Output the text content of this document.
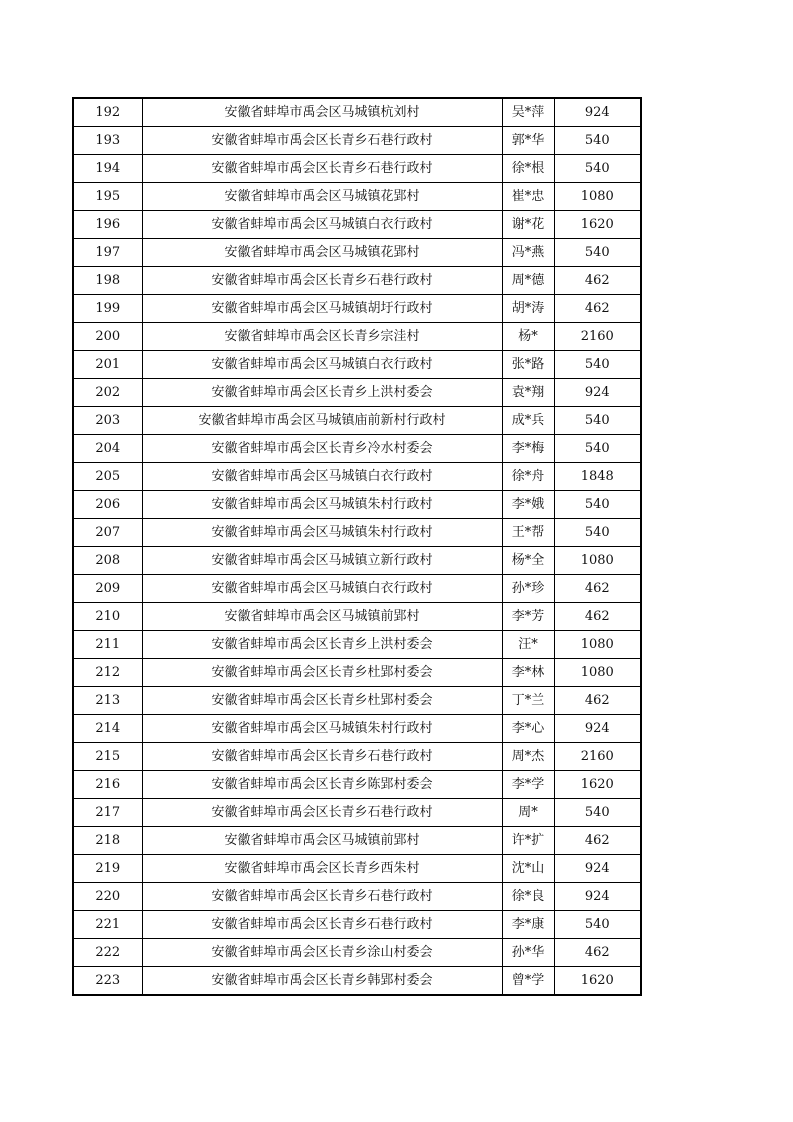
192	安徽省蚌埠市禹会区马城镇杭刘村	吴*萍	924
193	安徽省蚌埠市禹会区长青乡石巷行政村	郭*华	540
194	安徽省蚌埠市禹会区长青乡石巷行政村	徐*根	540
195	安徽省蚌埠市禹会区马城镇花郢村	崔*忠	1080
196	安徽省蚌埠市禹会区马城镇白衣行政村	谢*花	1620
197	安徽省蚌埠市禹会区马城镇花郢村	冯*燕	540
198	安徽省蚌埠市禹会区长青乡石巷行政村	周*德	462
199	安徽省蚌埠市禹会区马城镇胡圩行政村	胡*涛	462
200	安徽省蚌埠市禹会区长青乡宗洼村	杨*	2160
201	安徽省蚌埠市禹会区马城镇白衣行政村	张*路	540
202	安徽省蚌埠市禹会区长青乡上洪村委会	袁*翔	924
203	安徽省蚌埠市禹会区马城镇庙前新村行政村	成*兵	540
204	安徽省蚌埠市禹会区长青乡冷水村委会	李*梅	540
205	安徽省蚌埠市禹会区马城镇白衣行政村	徐*舟	1848
206	安徽省蚌埠市禹会区马城镇朱村行政村	李*娥	540
207	安徽省蚌埠市禹会区马城镇朱村行政村	王*帮	540
208	安徽省蚌埠市禹会区马城镇立新行政村	杨*全	1080
209	安徽省蚌埠市禹会区马城镇白衣行政村	孙*珍	462
210	安徽省蚌埠市禹会区马城镇前郢村	李*芳	462
211	安徽省蚌埠市禹会区长青乡上洪村委会	汪*	1080
212	安徽省蚌埠市禹会区长青乡杜郢村委会	李*林	1080
213	安徽省蚌埠市禹会区长青乡杜郢村委会	丁*兰	462
214	安徽省蚌埠市禹会区马城镇朱村行政村	李*心	924
215	安徽省蚌埠市禹会区长青乡石巷行政村	周*杰	2160
216	安徽省蚌埠市禹会区长青乡陈郢村委会	李*学	1620
217	安徽省蚌埠市禹会区长青乡石巷行政村	周*	540
218	安徽省蚌埠市禹会区马城镇前郢村	许*扩	462
219	安徽省蚌埠市禹会区长青乡西朱村	沈*山	924
220	安徽省蚌埠市禹会区长青乡石巷行政村	徐*良	924
221	安徽省蚌埠市禹会区长青乡石巷行政村	李*康	540
222	安徽省蚌埠市禹会区长青乡涂山村委会	孙*华	462
223	安徽省蚌埠市禹会区长青乡韩郢村委会	曾*学	1620
